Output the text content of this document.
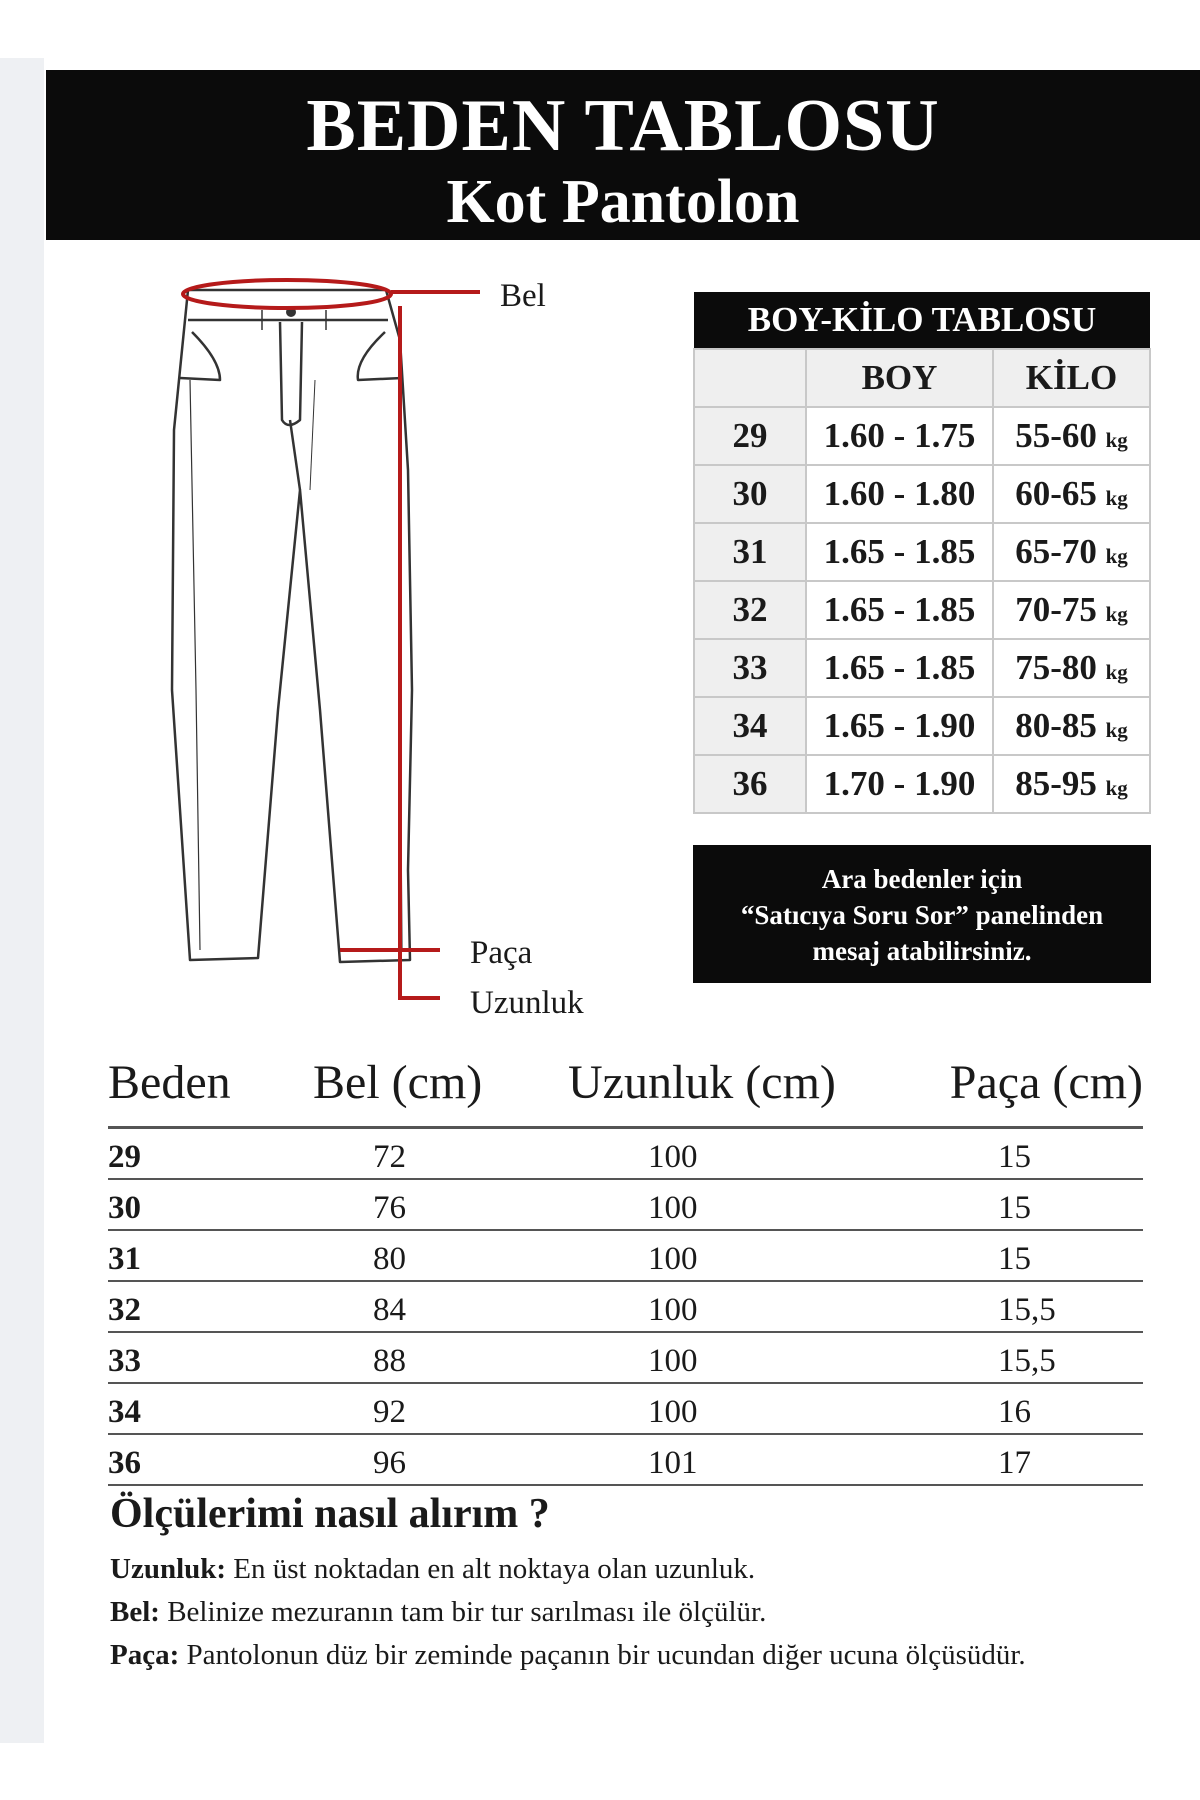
BEDEN TABLOSU
Kot Pantolon
Bel
Paça
Uzunluk
BOY-KİLO TABLOSU		
	BOY	KİLO
29	1.60 - 1.75	55-60 kg
30	1.60 - 1.80	60-65 kg
31	1.65 - 1.85	65-70 kg
32	1.65 - 1.85	70-75 kg
33	1.65 - 1.85	75-80 kg
34	1.65 - 1.90	80-85 kg
36	1.70 - 1.90	85-95 kg
Ara bedenler için
“Satıcıya Soru Sor” panelinden
mesaj atabilirsiniz.
Beden	Bel (cm)	Uzunluk (cm)	Paça (cm)
29	72	100	15
30	76	100	15
31	80	100	15
32	84	100	15,5
33	88	100	15,5
34	92	100	16
36	96	101	17
Ölçülerimi nasıl alırım ?

Uzunluk: En üst noktadan en alt noktaya olan uzunluk.

Bel: Belinize mezuranın tam bir tur sarılması ile ölçülür.

Paça: Pantolonun düz bir zeminde paçanın bir ucundan diğer ucuna ölçüsüdür.
